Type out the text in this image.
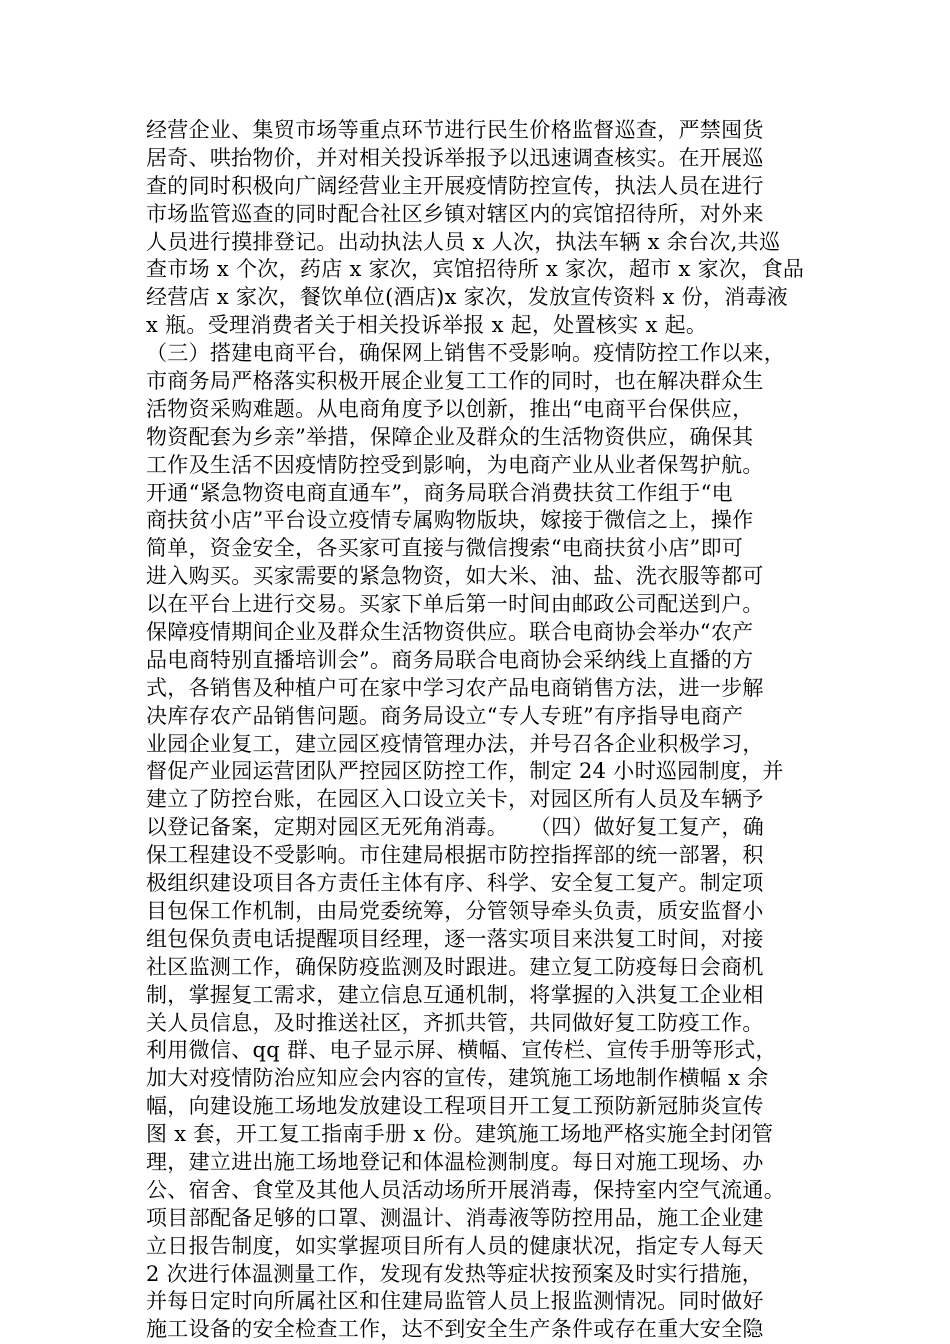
经营企业、集贸市场等重点环节进行民生价格监督巡查，严禁囤货
居奇、哄抬物价，并对相关投诉举报予以迅速调查核实。在开展巡
查的同时积极向广阔经营业主开展疫情防控宣传，执法人员在进行
市场监管巡查的同时配合社区乡镇对辖区内的宾馆招待所，对外来
人员进行摸排登记。出动执法人员 x 人次，执法车辆 x 余台次,共巡
查市场 x 个次，药店 x 家次，宾馆招待所 x 家次，超市 x 家次，食品
经营店 x 家次，餐饮单位(酒店)x 家次，发放宣传资料 x 份，消毒液
x 瓶。受理消费者关于相关投诉举报 x 起，处置核实 x 起。
（三）搭建电商平台，确保网上销售不受影响。疫情防控工作以来，
市商务局严格落实积极开展企业复工工作的同时，也在解决群众生
活物资采购难题。从电商角度予以创新，推出“电商平台保供应，
物资配套为乡亲”举措，保障企业及群众的生活物资供应，确保其
工作及生活不因疫情防控受到影响，为电商产业从业者保驾护航。
开通“紧急物资电商直通车”，商务局联合消费扶贫工作组于“电
商扶贫小店”平台设立疫情专属购物版块，嫁接于微信之上，操作
简单，资金安全，各买家可直接与微信搜索“电商扶贫小店”即可
进入购买。买家需要的紧急物资，如大米、油、盐、洗衣服等都可
以在平台上进行交易。买家下单后第一时间由邮政公司配送到户。
保障疫情期间企业及群众生活物资供应。联合电商协会举办“农产
品电商特别直播培训会”。商务局联合电商协会采纳线上直播的方
式，各销售及种植户可在家中学习农产品电商销售方法，进一步解
决库存农产品销售问题。商务局设立“专人专班”有序指导电商产
业园企业复工，建立园区疫情管理办法，并号召各企业积极学习，
督促产业园运营团队严控园区防控工作，制定 24 小时巡园制度，并
建立了防控台账，在园区入口设立关卡，对园区所有人员及车辆予
以登记备案，定期对园区无死角消毒。　　（四）做好复工复产，确
保工程建设不受影响。市住建局根据市防控指挥部的统一部署，积
极组织建设项目各方责任主体有序、科学、安全复工复产。制定项
目包保工作机制，由局党委统筹，分管领导牵头负责，质安监督小
组包保负责电话提醒项目经理，逐一落实项目来洪复工时间，对接
社区监测工作，确保防疫监测及时跟进。建立复工防疫每日会商机
制，掌握复工需求，建立信息互通机制，将掌握的入洪复工企业相
关人员信息，及时推送社区，齐抓共管，共同做好复工防疫工作。
利用微信、qq 群、电子显示屏、横幅、宣传栏、宣传手册等形式，
加大对疫情防治应知应会内容的宣传，建筑施工场地制作横幅 x 余
幅，向建设施工场地发放建设工程项目开工复工预防新冠肺炎宣传
图 x 套，开工复工指南手册 x 份。建筑施工场地严格实施全封闭管
理，建立进出施工场地登记和体温检测制度。每日对施工现场、办
公、宿舍、食堂及其他人员活动场所开展消毒，保持室内空气流通。
项目部配备足够的口罩、测温计、消毒液等防控用品，施工企业建
立日报告制度，如实掌握项目所有人员的健康状况，指定专人每天
2 次进行体温测量工作，发现有发热等症状按预案及时实行措施，
并每日定时向所属社区和住建局监管人员上报监测情况。同时做好
施工设备的安全检查工作，达不到安全生产条件或存在重大安全隐
